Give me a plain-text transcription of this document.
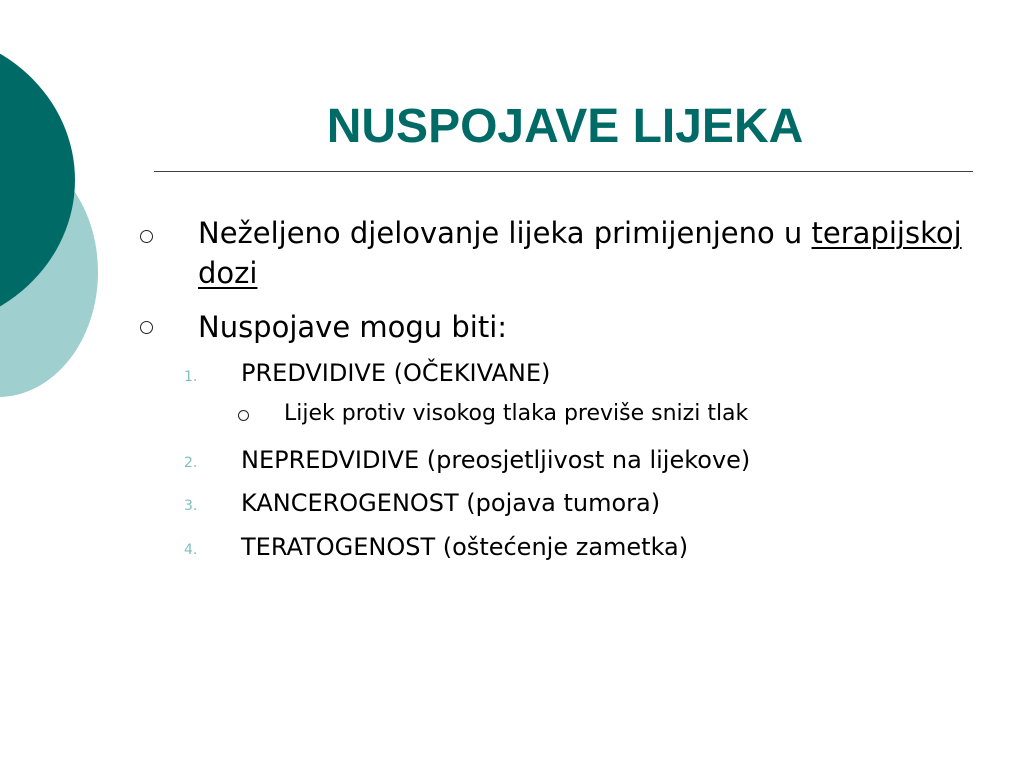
NUSPOJAVE LIJEKA

Neželjeno djelovanje lijeka primijenjeno u terapijskoj dozi

Nuspojave mogu biti:

1.	PREDVIDIVE (OČEKIVANE)
Lijek protiv visokog tlaka previše snizi tlak
2.	NEPREDVIDIVE (preosjetljivost na lijekove)
3.	KANCEROGENOST (pojava tumora)
4.	TERATOGENOST (oštećenje zametka)
